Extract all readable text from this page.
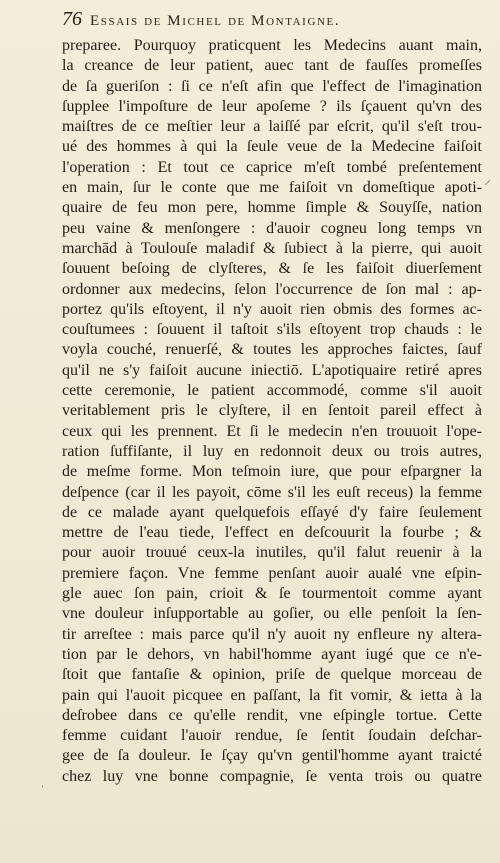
76 Essais de Michel de Montaigne.
preparee. Pourquoy praticquent les Medecins auant main,
la creance de leur patient, auec tant de fauſſes promeſſes
de ſa gueriſon : ſi ce n'eſt afin que l'effect de l'imagination
ſupplee l'impoſture de leur apoſeme ? ils ſçauent qu'vn des
maiſtres de ce meſtier leur a laiſſé par eſcrit, qu'il s'eſt trou-
ué des hommes à qui la ſeule veue de la Medecine faiſoit
l'operation : Et tout ce caprice m'eſt tombé preſentement
en main, ſur le conte que me faiſoit vn domeſtique apoti-
quaire de feu mon pere, homme ſimple & Souyſſe, nation
peu vaine & menſongere : d'auoir cogneu long temps vn
marchād à Toulouſe maladif & ſubiect à la pierre, qui auoit
ſouuent beſoing de clyſteres, & ſe les faiſoit diuerſement
ordonner aux medecins, ſelon l'occurrence de ſon mal : ap-
portez qu'ils eſtoyent, il n'y auoit rien obmis des formes ac-
couſtumees : ſouuent il taſtoit s'ils eſtoyent trop chauds : le
voyla couché, renuerſé, & toutes les approches faictes, ſauf
qu'il ne s'y faiſoit aucune iniectiō. L'apotiquaire retiré apres
cette ceremonie, le patient accommodé, comme s'il auoit
veritablement pris le clyſtere, il en ſentoit pareil effect à
ceux qui les prennent. Et ſi le medecin n'en trouuoit l'ope-
ration ſuffiſante, il luy en redonnoit deux ou trois autres,
de meſme forme. Mon teſmoin iure, que pour eſpargner la
deſpence (car il les payoit, cōme s'il les euſt receus) la femme
de ce malade ayant quelquefois eſſayé d'y faire ſeulement
mettre de l'eau tiede, l'effect en deſcouurit la fourbe ; &
pour auoir trouué ceux-la inutiles, qu'il falut reuenir à la
premiere façon. Vne femme penſant auoir aualé vne eſpin-
gle auec ſon pain, crioit & ſe tourmentoit comme ayant
vne douleur inſupportable au goſier, ou elle penſoit la ſen-
tir arreſtee : mais parce qu'il n'y auoit ny enfleure ny altera-
tion par le dehors, vn habil'homme ayant iugé que ce n'e-
ſtoit que fantaſie & opinion, priſe de quelque morceau de
pain qui l'auoit picquee en paſſant, la fit vomir, & ietta à la
deſrobee dans ce qu'elle rendit, vne eſpingle tortue. Cette
femme cuidant l'auoir rendue, ſe ſentit ſoudain deſchar-
gee de ſa douleur. Ie ſçay qu'vn gentil'homme ayant traicté
chez luy vne bonne compagnie, ſe venta trois ou quatre
⸍
ˈ
